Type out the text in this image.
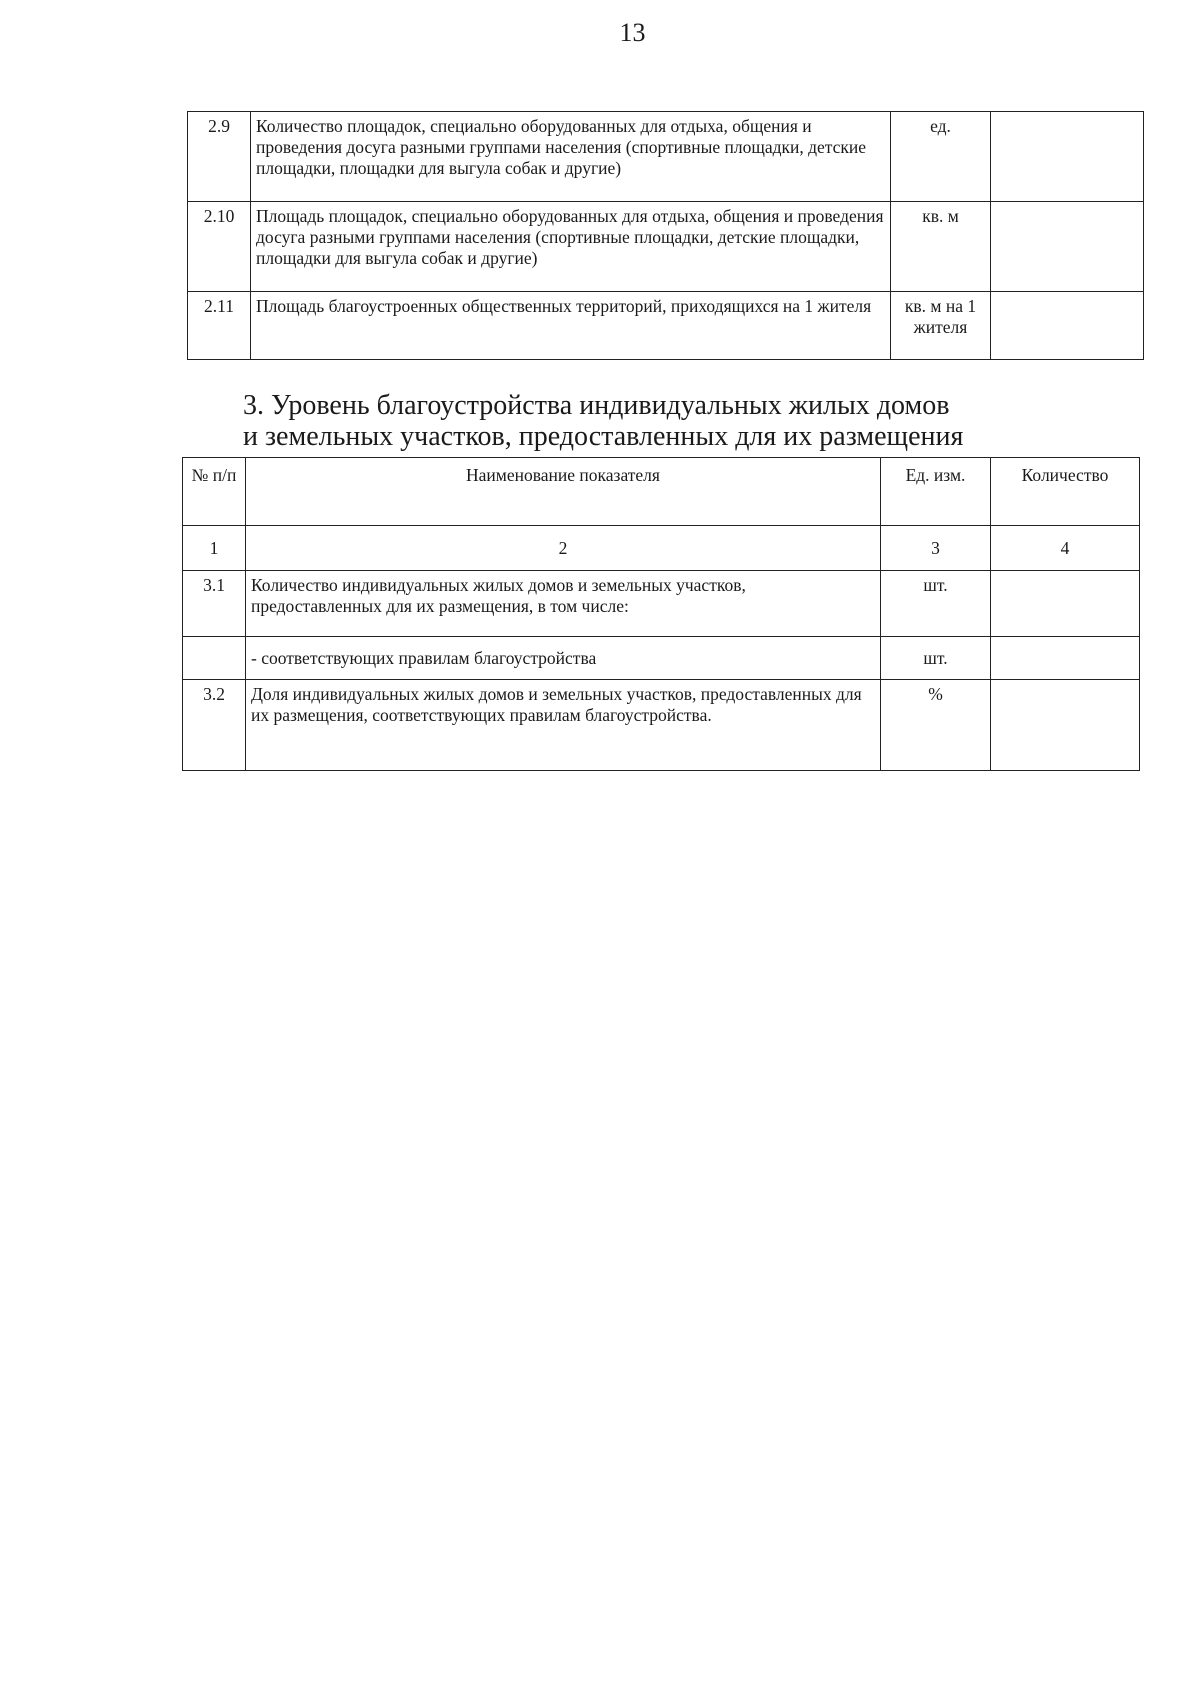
13
2.9	Количество площадок, специально оборудованных для отдыха, общения и проведения досуга разными группами населения (спортивные площадки, детские площадки, площадки для выгула собак и другие)	ед.	
2.10	Площадь площадок, специально оборудованных для отдыха, общения и проведения досуга разными группами населения (спортивные площадки, детские площадки, площадки для выгула собак и другие)	кв. м	
2.11	Площадь благоустроенных общественных территорий, приходящихся на 1 жителя	кв. м на 1 жителя	
3. Уровень благоустройства индивидуальных жилых домов
и земельных участков, предоставленных для их размещения
№ п/п	Наименование показателя	Ед. изм.	Количество
1	2	3	4
3.1	Количество индивидуальных жилых домов и земельных участков, предоставленных для их размещения, в том числе:	шт.	
	- соответствующих правилам благоустройства	шт.	
3.2	Доля индивидуальных жилых домов и земельных участков, предоставленных для их размещения, соответствующих правилам благоустройства.	%	
